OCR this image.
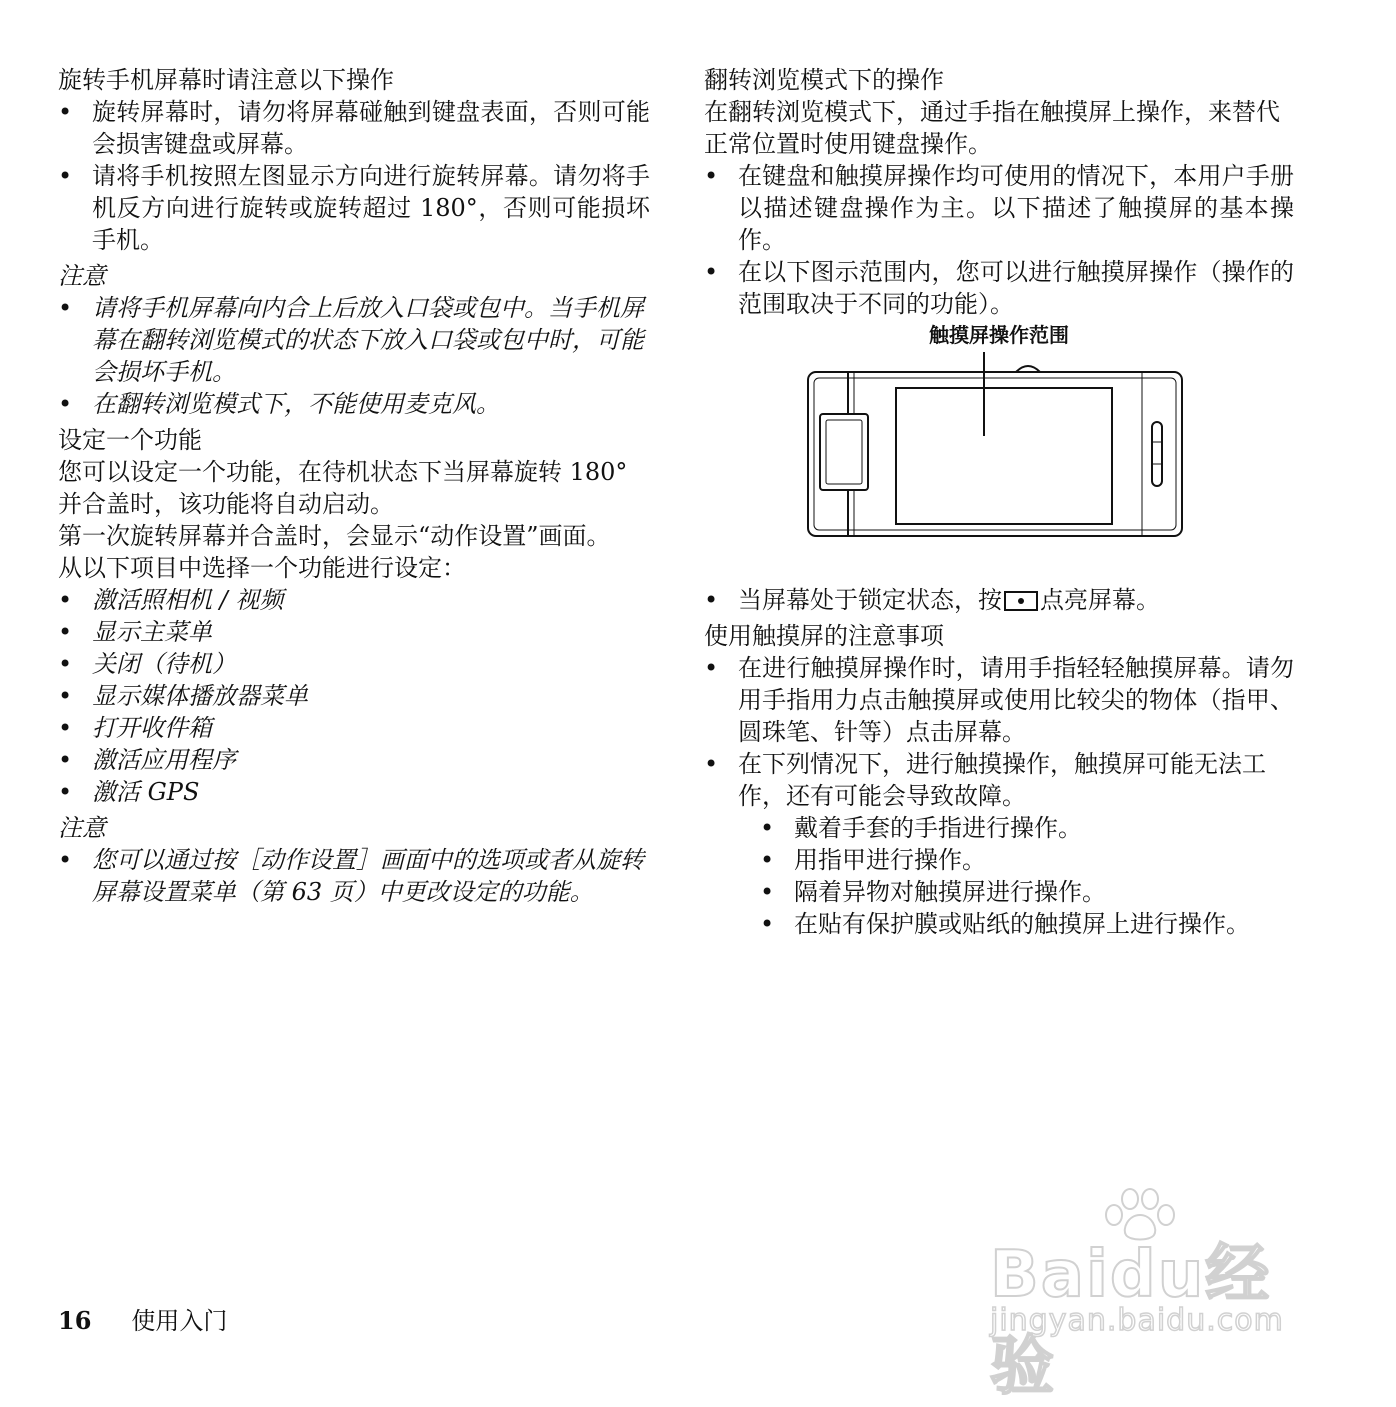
旋转手机屏幕时请注意以下操作
• 旋转屏幕时，请勿将屏幕碰触到键盘表面，否则可能会损害键盘或屏幕。
• 请将手机按照左图显示方向进行旋转屏幕。请勿将手机反方向进行旋转或旋转超过 180°，否则可能损坏手机。
注意
• 请将手机屏幕向内合上后放入口袋或包中。当手机屏幕在翻转浏览模式的状态下放入口袋或包中时，可能会损坏手机。
• 在翻转浏览模式下，不能使用麦克风。
设定一个功能

您可以设定一个功能，在待机状态下当屏幕旋转 180° 并合盖时，该功能将自动启动。

第一次旋转屏幕并合盖时，会显示“动作设置”画面。

从以下项目中选择一个功能进行设定：

• 激活照相机 / 视频
• 显示主菜单
• 关闭（待机）
• 显示媒体播放器菜单
• 打开收件箱
• 激活应用程序
• 激活 GPS
注意
• 您可以通过按［动作设置］画面中的选项或者从旋转屏幕设置菜单（第 63 页）中更改设定的功能。
翻转浏览模式下的操作

在翻转浏览模式下，通过手指在触摸屏上操作，来替代正常位置时使用键盘操作。

• 在键盘和触摸屏操作均可使用的情况下，本用户手册以描述键盘操作为主。以下描述了触摸屏的基本操作。
• 在以下图示范围内，您可以进行触摸屏操作（操作的范围取决于不同的功能）。
触摸屏操作范围
• 当屏幕处于锁定状态，按 点亮屏幕。
使用触摸屏的注意事项
• 在进行触摸屏操作时，请用手指轻轻触摸屏幕。请勿用手指用力点击触摸屏或使用比较尖的物体（指甲、圆珠笔、针等）点击屏幕。
• 在下列情况下，进行触摸操作，触摸屏可能无法工作，还有可能会导致故障。
• 戴着手套的手指进行操作。
• 用指甲进行操作。
• 隔着异物对触摸屏进行操作。
• 在贴有保护膜或贴纸的触摸屏上进行操作。
16 使用入门
Baidu经验
jingyan.baidu.com
